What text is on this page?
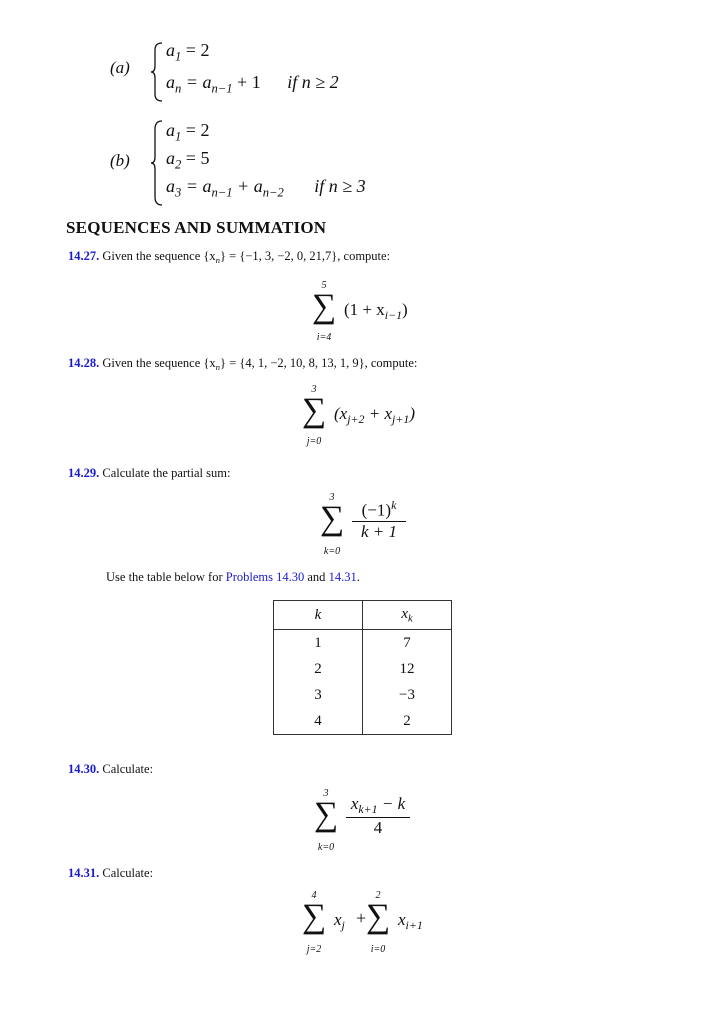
(a)
$a_1 = 2$
$a_n = a_{n-1} + 1$ if n ≥ 2
(b)
$a_1 = 2$
$a_2 = 5$
$a_3 = a_{n-1} + a_{n-2}$ if n ≥ 3
SEQUENCES AND SUMMATION
14.27. Given the sequence $\{x_n\} = \{-1$, 3, −2, 0, 21,7}, compute:
5
∑
i=4
$(1 + x_{i-1})$
14.28. Given the sequence $\{x_n\} = \{4$, 1, −2, 10, 8, 13, 1, 9}, compute:
3
∑
j=0
$(x_{j+2} + x_{j+1})$
14.29. Calculate the partial sum:
3
∑
k=0
$\frac{(-1)^k}{k + 1}$
Use the table below for Problems 14.30 and 14.31.
k	$x_k$
1	7
2	12
3	−3
4	2
14.30. Calculate:
3
∑
k=0
$\frac{x_{k+1} - k}{4}$
14.31. Calculate:
4
∑
j=2
$x_j$ +
2
∑
i=0
$x_{i+1}$
